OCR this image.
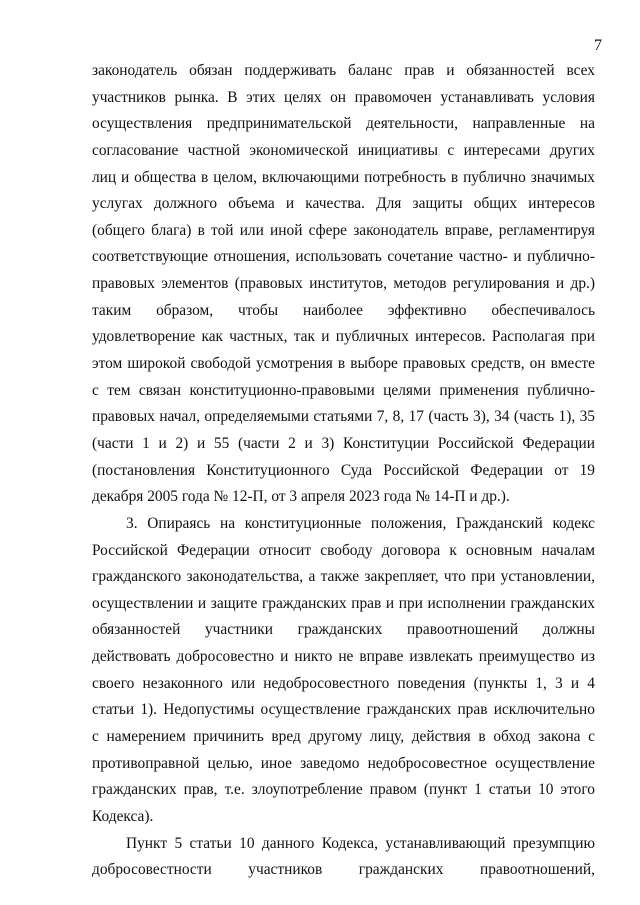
7
законодатель обязан поддерживать баланс прав и обязанностей всех
участников рынка. В этих целях он правомочен устанавливать условия
осуществления предпринимательской деятельности, направленные на
согласование частной экономической инициативы с интересами других
лиц и общества в целом, включающими потребность в публично значимых
услугах должного объема и качества. Для защиты общих интересов
(общего блага) в той или иной сфере законодатель вправе, регламентируя
соответствующие отношения, использовать сочетание частно- и публично-
правовых элементов (правовых институтов, методов регулирования и др.)
таким образом, чтобы наиболее эффективно обеспечивалось
удовлетворение как частных, так и публичных интересов. Располагая при
этом широкой свободой усмотрения в выборе правовых средств, он вместе
с тем связан конституционно-правовыми целями применения публично-
правовых начал, определяемыми статьями 7, 8, 17 (часть 3), 34 (часть 1), 35
(части 1 и 2) и 55 (части 2 и 3) Конституции Российской Федерации
(постановления Конституционного Суда Российской Федерации от 19
декабря 2005 года № 12-П, от 3 апреля 2023 года № 14-П и др.).
3. Опираясь на конституционные положения, Гражданский кодекс
Российской Федерации относит свободу договора к основным началам
гражданского законодательства, а также закрепляет, что при установлении,
осуществлении и защите гражданских прав и при исполнении гражданских
обязанностей участники гражданских правоотношений должны
действовать добросовестно и никто не вправе извлекать преимущество из
своего незаконного или недобросовестного поведения (пункты 1, 3 и 4
статьи 1). Недопустимы осуществление гражданских прав исключительно
с намерением причинить вред другому лицу, действия в обход закона с
противоправной целью, иное заведомо недобросовестное осуществление
гражданских прав, т.е. злоупотребление правом (пункт 1 статьи 10 этого
Кодекса).
Пункт 5 статьи 10 данного Кодекса, устанавливающий презумпцию
добросовестности участников гражданских правоотношений,
